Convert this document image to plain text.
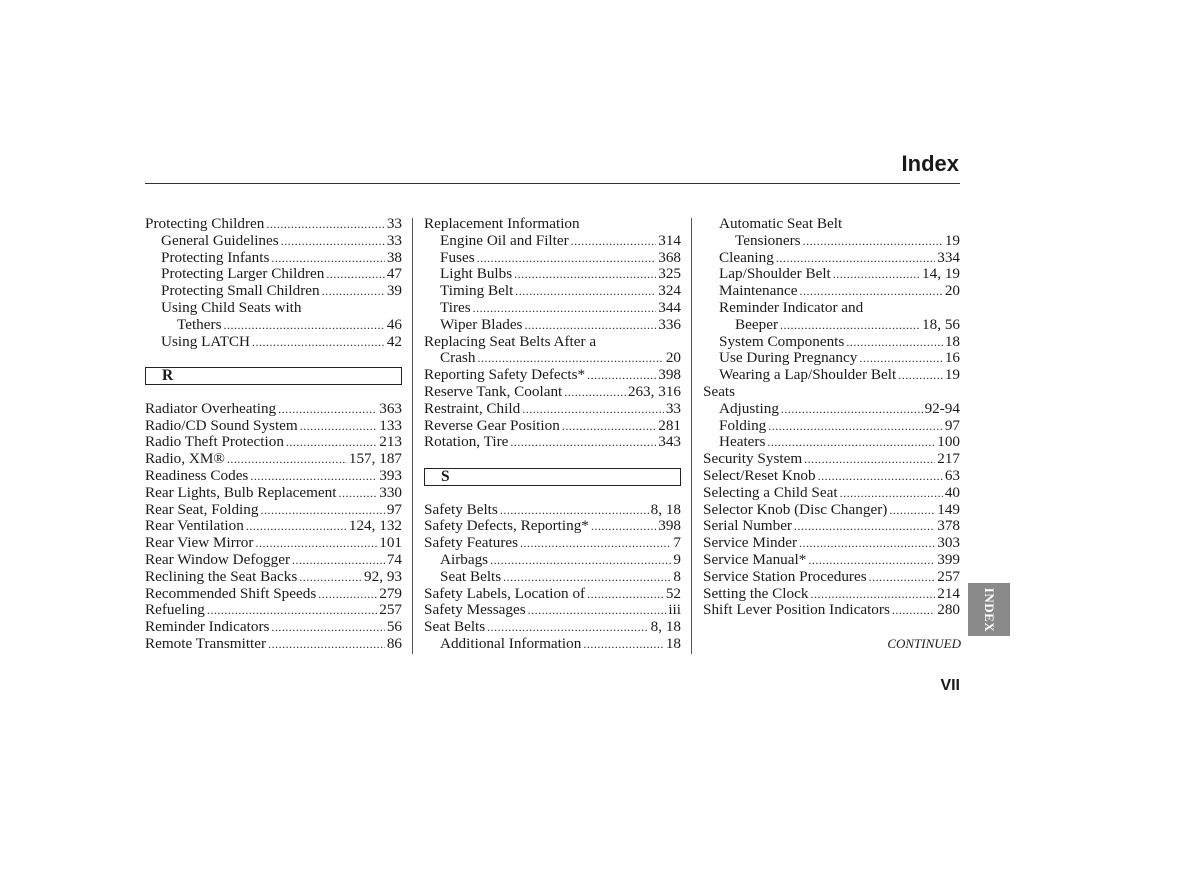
Index
Protecting Children .....	33
General Guidelines .....	33
Protecting Infants .....	38
Protecting Larger Children .....	47
Protecting Small Children .....	39
Using Child Seats with
Tethers .....	46
Using LATCH .....	42
R
Radiator Overheating .....	363
Radio/CD Sound System .....	133
Radio Theft Protection .....	213
Radio, XM® .....	157, 187
Readiness Codes .....	393
Rear Lights, Bulb Replacement .....	330
Rear Seat, Folding .....	97
Rear Ventilation .....	124, 132
Rear View Mirror .....	101
Rear Window Defogger .....	74
Reclining the Seat Backs .....	92, 93
Recommended Shift Speeds .....	279
Refueling .....	257
Reminder Indicators .....	56
Remote Transmitter .....	86
Replacement Information
Engine Oil and Filter .....	314
Fuses .....	368
Light Bulbs .....	325
Timing Belt .....	324
Tires .....	344
Wiper Blades .....	336
Replacing Seat Belts After a
Crash .....	20
Reporting Safety Defects* .....	398
Reserve Tank, Coolant .....	263, 316
Restraint, Child .....	33
Reverse Gear Position .....	281
Rotation, Tire .....	343
S
Safety Belts .....	8, 18
Safety Defects, Reporting* .....	398
Safety Features .....	7
Airbags .....	9
Seat Belts .....	8
Safety Labels, Location of .....	52
Safety Messages .....	iii
Seat Belts .....	8, 18
Additional Information .....	18
Automatic Seat Belt
Tensioners .....	19
Cleaning .....	334
Lap/Shoulder Belt .....	14, 19
Maintenance .....	20
Reminder Indicator and
Beeper .....	18, 56
System Components .....	18
Use During Pregnancy .....	16
Wearing a Lap/Shoulder Belt .....	19
Seats
Adjusting .....	92-94
Folding .....	97
Heaters .....	100
Security System .....	217
Select/Reset Knob .....	63
Selecting a Child Seat .....	40
Selector Knob (Disc Changer) .....	149
Serial Number .....	378
Service Minder .....	303
Service Manual* .....	399
Service Station Procedures .....	257
Setting the Clock .....	214
Shift Lever Position Indicators .....	280 INDEX
CONTINUED
VII
